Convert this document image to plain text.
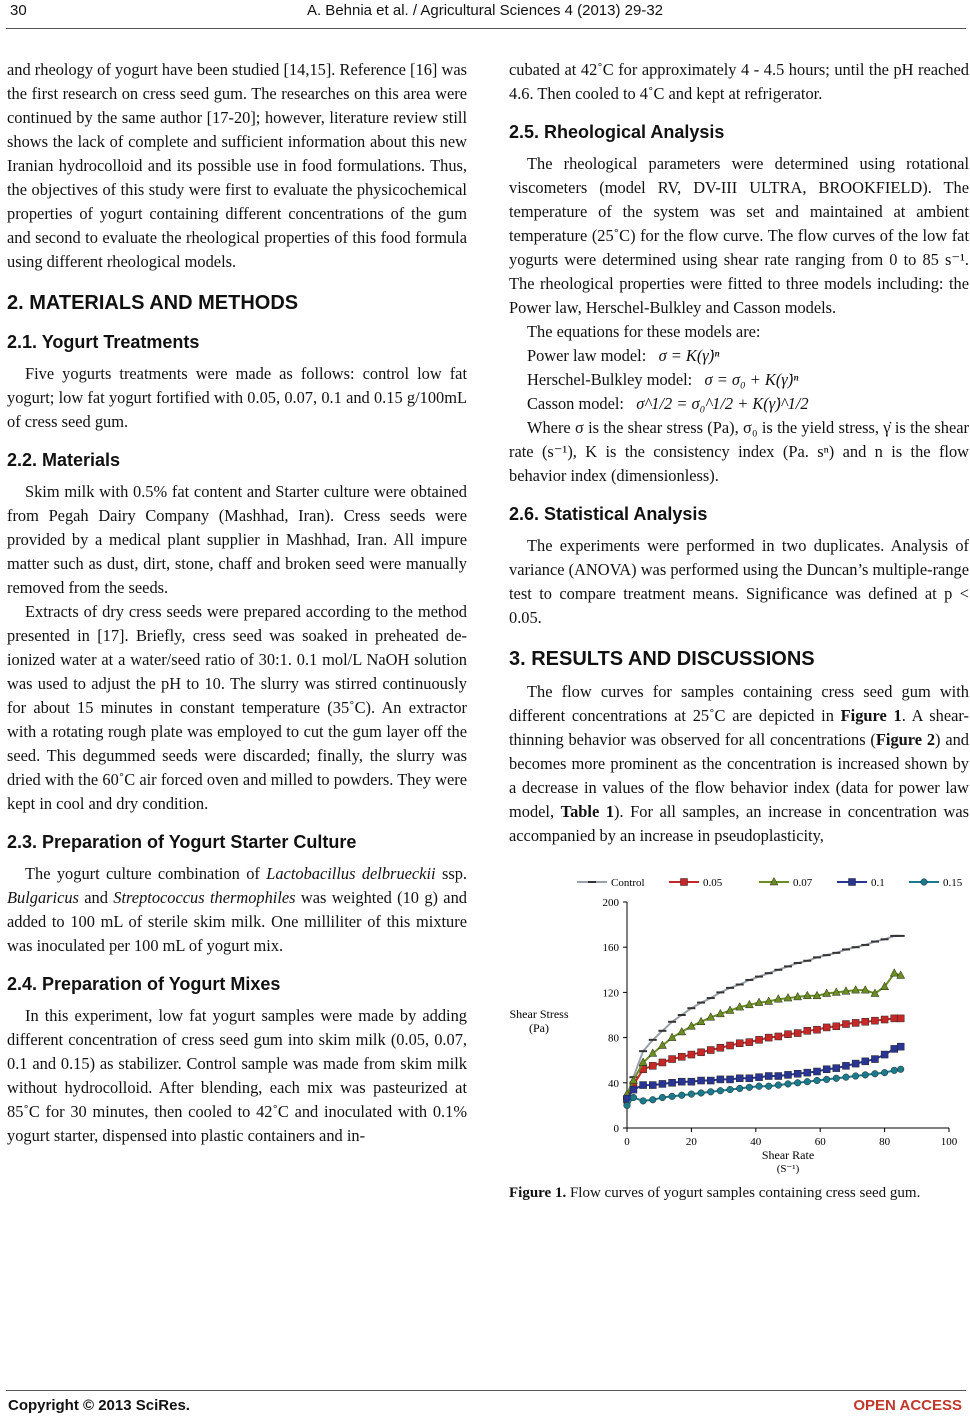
30	A. Behnia et al. / Agricultural Sciences 4 (2013) 29-32

and rheology of yogurt have been studied [14,15]. Reference [16] was the first research on cress seed gum. The researches on this area were continued by the same author [17-20]; however, literature review still shows the lack of complete and sufficient information about this new Iranian hydrocolloid and its possible use in food formulations. Thus, the objectives of this study were first to evaluate the physicochemical properties of yogurt containing different concentrations of the gum and second to evaluate the rheological properties of this food formula using different rheological models.

2. MATERIALS AND METHODS
2.1. Yogurt Treatments

Five yogurts treatments were made as follows: control low fat yogurt; low fat yogurt fortified with 0.05, 0.07, 0.1 and 0.15 g/100mL of cress seed gum.

2.2. Materials

Skim milk with 0.5% fat content and Starter culture were obtained from Pegah Dairy Company (Mashhad, Iran). Cress seeds were provided by a medical plant supplier in Mashhad, Iran. All impure matter such as dust, dirt, stone, chaff and broken seed were manually removed from the seeds.

Extracts of dry cress seeds were prepared according to the method presented in [17]. Briefly, cress seed was soaked in preheated de-ionized water at a water/seed ratio of 30:1. 0.1 mol/L NaOH solution was used to adjust the pH to 10. The slurry was stirred continuously for about 15 minutes in constant temperature (35˚C). An extractor with a rotating rough plate was employed to cut the gum layer off the seed. This degummed seeds were discarded; finally, the slurry was dried with the 60˚C air forced oven and milled to powders. They were kept in cool and dry condition.

2.3. Preparation of Yogurt Starter Culture

The yogurt culture combination of Lactobacillus delbrueckii ssp. Bulgaricus and Streptococcus thermophiles was weighted (10 g) and added to 100 mL of sterile skim milk. One milliliter of this mixture was inoculated per 100 mL of yogurt mix.

2.4. Preparation of Yogurt Mixes

In this experiment, low fat yogurt samples were made by adding different concentration of cress seed gum into skim milk (0.05, 0.07, 0.1 and 0.15) as stabilizer. Control sample was made from skim milk without hydrocolloid. After blending, each mix was pasteurized at 85˚C for 30 minutes, then cooled to 42˚C and inoculated with 0.1% yogurt starter, dispensed into plastic containers and in-

cubated at 42˚C for approximately 4 - 4.5 hours; until the pH reached 4.6. Then cooled to 4˚C and kept at refrigerator.

2.5. Rheological Analysis

The rheological parameters were determined using rotational viscometers (model RV, DV-III ULTRA, BROOKFIELD). The temperature of the system was set and maintained at ambient temperature (25˚C) for the flow curve. The flow curves of the low fat yogurts were determined using shear rate ranging from 0 to 85 s⁻¹. The rheological properties were fitted to three models including: the Power law, Herschel-Bulkley and Casson models.

The equations for these models are:

Power law model: σ = K(γ̇)ⁿ

Herschel-Bulkley model: σ = σ₀ + K(γ̇)ⁿ

Casson model: σ^1/2 = σ₀^1/2 + K(γ̇)^1/2

Where σ is the shear stress (Pa), σ₀ is the yield stress, γ̇ is the shear rate (s⁻¹), K is the consistency index (Pa. sⁿ) and n is the flow behavior index (dimensionless).

2.6. Statistical Analysis

The experiments were performed in two duplicates. Analysis of variance (ANOVA) was performed using the Duncan’s multiple-range test to compare treatment means. Significance was defined at p < 0.05.

3. RESULTS AND DISCUSSIONS

The flow curves for samples containing cress seed gum with different concentrations at 25˚C are depicted in Figure 1. A shear-thinning behavior was observed for all concentrations (Figure 2) and becomes more prominent as the concentration is increased shown by a decrease in values of the flow behavior index (data for power law model, Table 1). For all samples, an increase in concentration was accompanied by an increase in pseudoplasticity,

0
40
80
120
160
200
0	20	40	60	80	100
Shear Stress
(Pa)
Shear Rate
(S⁻¹)
Control	0.05	0.07	0.1	0.15

Figure 1. Flow curves of yogurt samples containing cress seed gum.

Copyright © 2013 SciRes.	OPEN ACCESS
